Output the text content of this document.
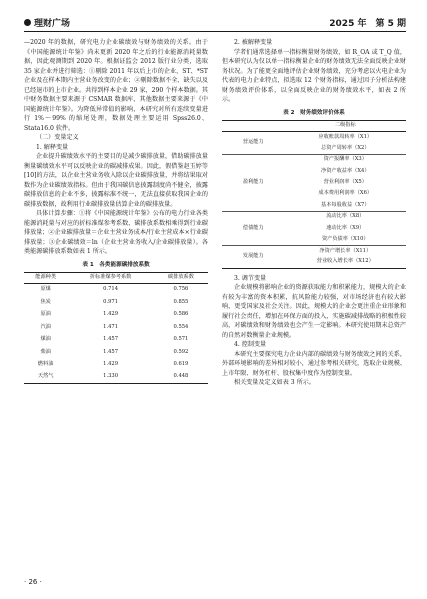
理财广场	2025 年　第 5 期

—2020 年的数据，研究电力企业碳绩效与财务绩效的关系。由于《中国能源统计年鉴》尚未更新 2020 年之后的行业能源消耗量数据，因此观测期到 2020 年。根据证监会 2012 版行业分类，选取 35 家企业并进行筛选：①剔除 2011 年以后上市的企业，ST、*ST 企业及在样本期内主营业务改变的企业；②剔除数据不全、缺失以及已经退市的上市企业。共得到样本企业 29 家，290 个样本数据。其中财务数据主要来源于 CSMAR 数据库、其他数据主要来源于《中国能源统计年鉴》。为降低异常值的影响，本研究对所有连续变量进行 1%～99% 的缩尾处理，数据处理主要运用 Spss26.0、Stata16.0 软件。

（二）变量定义

1. 解释变量

企业提升碳绩效水平的主要目的是减少碳排放量，借助碳排放量衡量碳绩效水平可以反映企业的碳减排成果。因此，假借鉴赵玉婷等[10]的方法，以企业主营业务收入除以企业碳排放量，并将结果取对数作为企业碳绩效指标。但由于我国碳信息披露制度尚不健全，披露碳排放信息的企业不多，披露标准不统一，无法直接获取我国企业的碳排放数据，故利用行业碳排放量估算企业的碳排放量。

具体计算步骤：①将《中国能源统计年鉴》公布的电力行业各类能源消耗量与对应的折标准煤参考系数、碳排放系数相乘得到行业碳排放量；②企业碳排放量＝企业主营业务成本/行业主营成本×行业碳排放量；③企业碳绩效＝ln（企业主营业务收入/企业碳排放量）。各类能源碳排放系数如表 1 所示。

表 1　各类能源碳排放系数
能源种类	折标准煤参考系数	碳排放系数
原煤	0.714	0.756
焦炭	0.971	0.855
原油	1.429	0.586
汽油	1.471	0.554
煤油	1.457	0.571
柴油	1.457	0.592
燃料油	1.429	0.619
天然气	1.330	0.448

2. 被解释变量

学者们通常选择单一指标衡量财务绩效，如 R_OA 或 T_Q 值，但本研究认为仅以单一指标衡量企业的财务绩效无法全面反映企业财务状况。为了能更全面地评估企业财务绩效，充分考虑以火电企业为代表的电力企业特点，拟选取 12 个财务指标，通过因子分析法构建财务绩效评价体系，以全面反映企业的财务绩效水平，如表 2 所示。

表 2　财务绩效评价体系
	二级指标
营运能力	应收账款周转率（X1）
	总资产周转率（X2）
盈利能力	资产报酬率（X3）
	净资产收益率（X4）
	营业利润率（X5）
	成本费用利润率（X6）
	基本每股收益（X7）
偿债能力	流动比率（X8）
	速动比率（X9）
	资产负债率（X10）
发展能力	净资产增长率（X11）
	营业收入增长率（X12）

3. 调节变量

企业规模将影响企业的资源获取能力和积累能力，规模大的企业有较为丰富的资本积累，抗风险能力较强，对市场经济也有较大影响，更受国家及社会关注。因此，规模大的企业会更注重企业形象和履行社会责任，增加在环保方面的投入，实施碳减排战略的积极性较高，对碳绩效和财务绩效也会产生一定影响。本研究使用期末总资产的自然对数衡量企业规模。

4. 控制变量

本研究主要探究电力企业内部的碳绩效与财务绩效之间的关系，外部环境影响的差异相对较小，通过参考相关研究，选取企业规模、上市年限、财务杠杆、股权集中度作为控制变量。

相关变量及定义如表 3 所示。

· 26 ·
